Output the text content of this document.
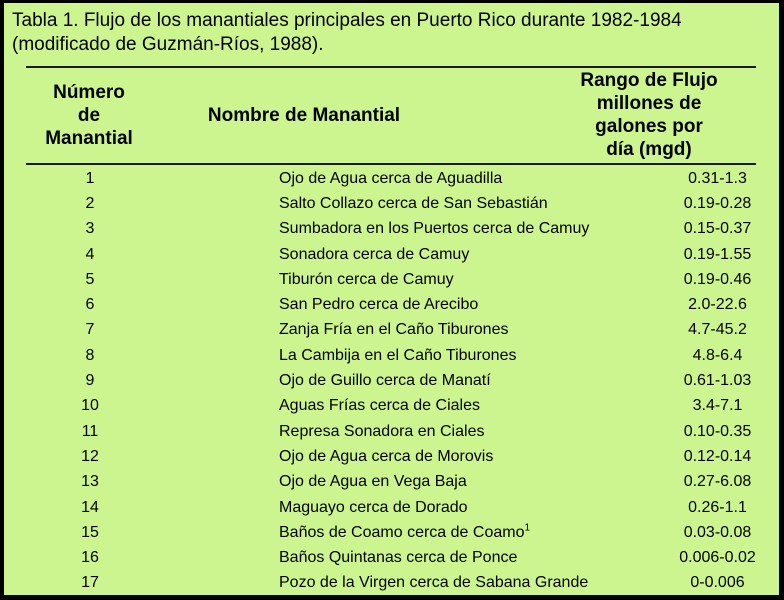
Tabla 1. Flujo de los manantiales principales en Puerto Rico durante 1982-1984
(modificado de Guzmán-Ríos, 1988).
Número
de
Manantial
Nombre de Manantial
Rango de Flujo
millones de
galones por
día (mgd)
1	Ojo de Agua cerca de Aguadilla	0.31-1.3
2	Salto Collazo cerca de San Sebastián	0.19-0.28
3	Sumbadora en los Puertos cerca de Camuy	0.15-0.37
4	Sonadora cerca de Camuy	0.19-1.55
5	Tiburón cerca de Camuy	0.19-0.46
6	San Pedro cerca de Arecibo	2.0-22.6
7	Zanja Fría en el Caño Tiburones	4.7-45.2
8	La Cambija en el Caño Tiburones	4.8-6.4
9	Ojo de Guillo cerca de Manatí	0.61-1.03
10	Aguas Frías cerca de Ciales	3.4-7.1
11	Represa Sonadora en Ciales	0.10-0.35
12	Ojo de Agua cerca de Morovis	0.12-0.14
13	Ojo de Agua en Vega Baja	0.27-6.08
14	Maguayo cerca de Dorado	0.26-1.1
15	Baños de Coamo cerca de Coamo$^1$	0.03-0.08
16	Baños Quintanas cerca de Ponce	0.006-0.02
17	Pozo de la Virgen cerca de Sabana Grande	0-0.006
